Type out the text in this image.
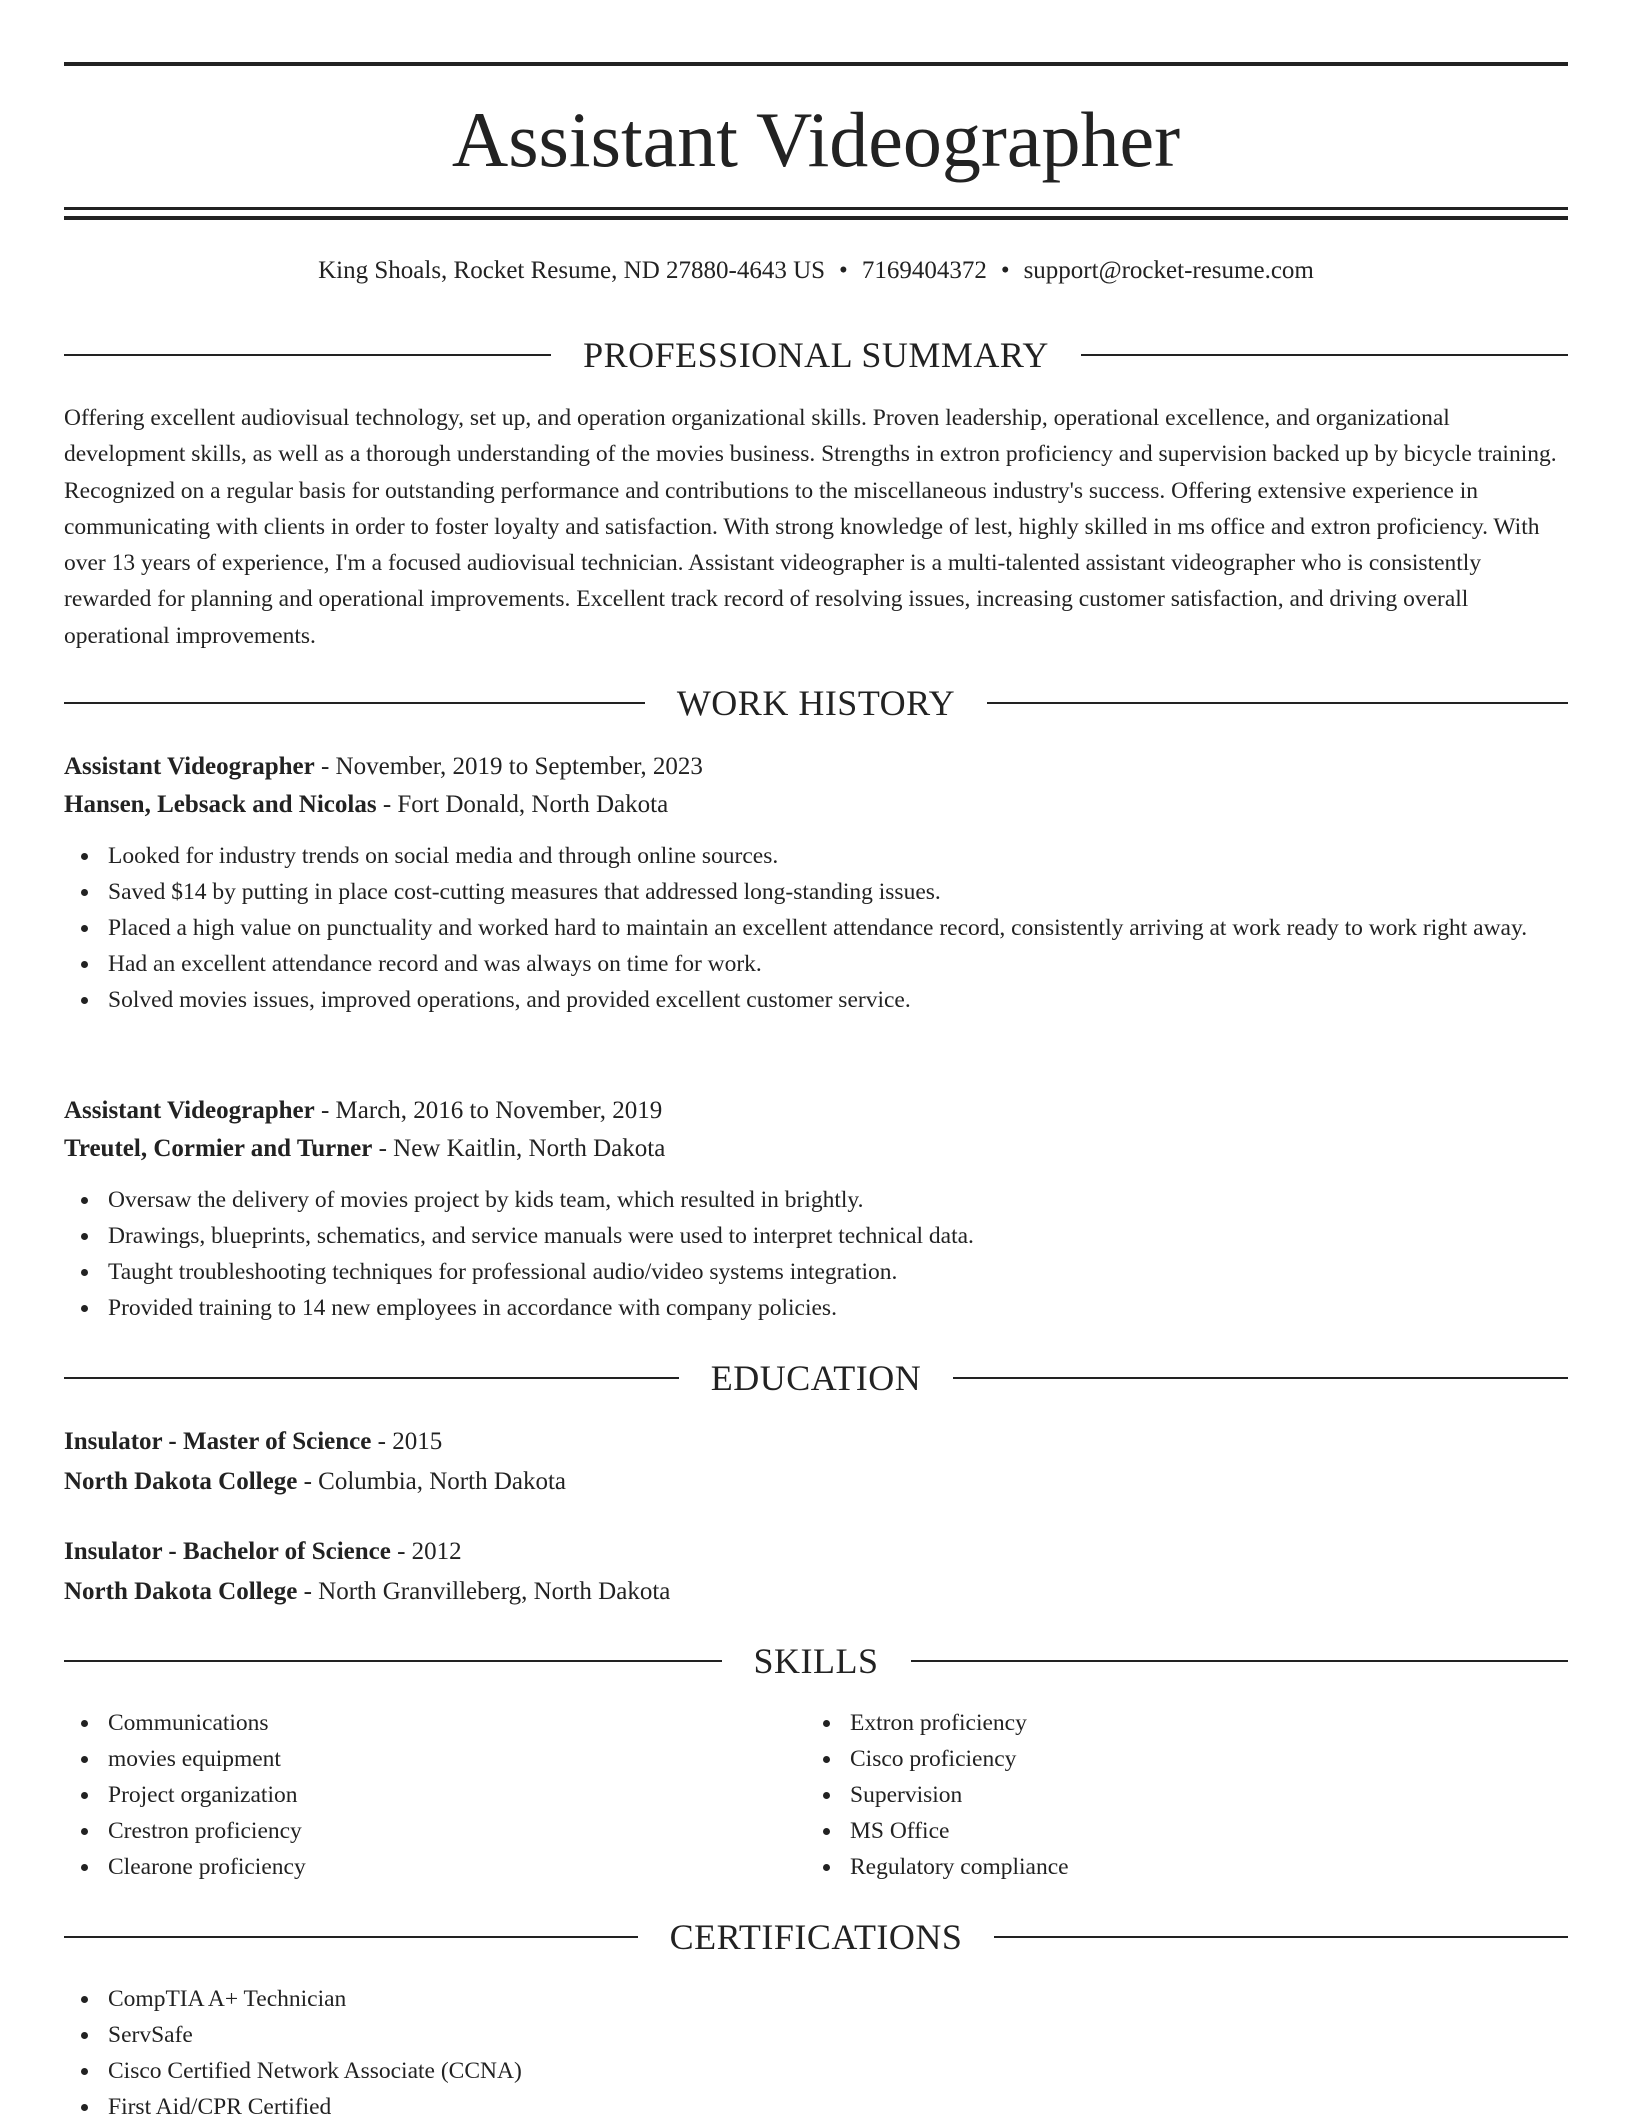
Assistant Videographer
King Shoals, Rocket Resume, ND 27880-4643 US • 7169404372 • support@rocket-resume.com
PROFESSIONAL SUMMARY

Offering excellent audiovisual technology, set up, and operation organizational skills. Proven leadership, operational excellence, and organizational development skills, as well as a thorough understanding of the movies business. Strengths in extron proficiency and supervision backed up by bicycle training. Recognized on a regular basis for outstanding performance and contributions to the miscellaneous industry's success. Offering extensive experience in communicating with clients in order to foster loyalty and satisfaction. With strong knowledge of lest, highly skilled in ms office and extron proficiency. With over 13 years of experience, I'm a focused audiovisual technician. Assistant videographer is a multi-talented assistant videographer who is consistently rewarded for planning and operational improvements. Excellent track record of resolving issues, increasing customer satisfaction, and driving overall operational improvements.

WORK HISTORY
Assistant Videographer - November, 2019 to September, 2023
Hansen, Lebsack and Nicolas - Fort Donald, North Dakota
Looked for industry trends on social media and through online sources.
Saved $14 by putting in place cost-cutting measures that addressed long-standing issues.
Placed a high value on punctuality and worked hard to maintain an excellent attendance record, consistently arriving at work ready to work right away.
Had an excellent attendance record and was always on time for work.
Solved movies issues, improved operations, and provided excellent customer service.
Assistant Videographer - March, 2016 to November, 2019
Treutel, Cormier and Turner - New Kaitlin, North Dakota
Oversaw the delivery of movies project by kids team, which resulted in brightly.
Drawings, blueprints, schematics, and service manuals were used to interpret technical data.
Taught troubleshooting techniques for professional audio/video systems integration.
Provided training to 14 new employees in accordance with company policies.
EDUCATION
Insulator - Master of Science - 2015
North Dakota College - Columbia, North Dakota
Insulator - Bachelor of Science - 2012
North Dakota College - North Granvilleberg, North Dakota
SKILLS
Communications
movies equipment
Project organization
Crestron proficiency
Clearone proficiency
Extron proficiency
Cisco proficiency
Supervision
MS Office
Regulatory compliance
CERTIFICATIONS
CompTIA A+ Technician
ServSafe
Cisco Certified Network Associate (CCNA)
First Aid/CPR Certified
